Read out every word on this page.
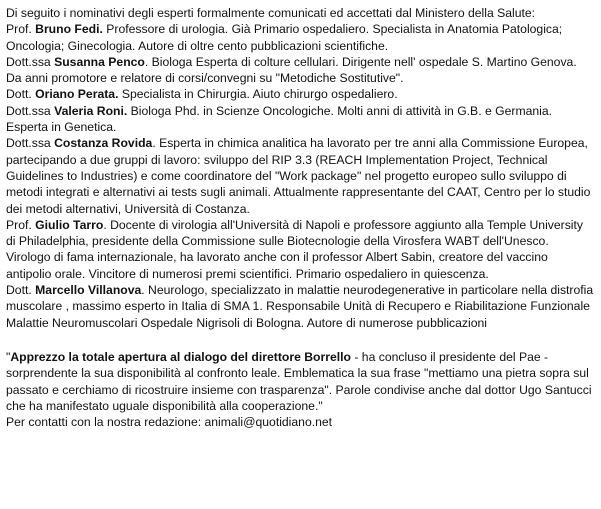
Di seguito i nominativi degli esperti formalmente comunicati ed accettati dal Ministero della Salute:

Prof. Bruno Fedi. Professore di urologia. Già Primario ospedaliero. Specialista in Anatomia Patologica; Oncologia; Ginecologia. Autore di oltre cento pubblicazioni scientifiche.

Dott.ssa Susanna Penco. Biologa Esperta di colture cellulari. Dirigente nell' ospedale S. Martino Genova. Da anni promotore e relatore di corsi/convegni su "Metodiche Sostitutive".

Dott. Oriano Perata. Specialista in Chirurgia. Aiuto chirurgo ospedaliero.

Dott.ssa Valeria Roni. Biologa Phd. in Scienze Oncologiche. Molti anni di attività in G.B. e Germania. Esperta in Genetica.

Dott.ssa Costanza Rovida. Esperta in chimica analitica ha lavorato per tre anni alla Commissione Europea, partecipando a due gruppi di lavoro: sviluppo del RIP 3.3 (REACH Implementation Project, Technical Guidelines to Industries) e come coordinatore del "Work package" nel progetto europeo sullo sviluppo di metodi integrati e alternativi ai tests sugli animali. Attualmente rappresentante del CAAT, Centro per lo studio dei metodi alternativi, Università di Costanza.

Prof. Giulio Tarro. Docente di virologia all'Università di Napoli e professore aggiunto alla Temple University di Philadelphia, presidente della Commissione sulle Biotecnologie della Virosfera WABT dell'Unesco. Virologo di fama internazionale, ha lavorato anche con il professor Albert Sabin, creatore del vaccino antipolio orale. Vincitore di numerosi premi scientifici. Primario ospedaliero in quiescenza.

Dott. Marcello Villanova. Neurologo, specializzato in malattie neurodegenerative in particolare nella distrofia muscolare , massimo esperto in Italia di SMA 1. Responsabile Unità di Recupero e Riabilitazione Funzionale Malattie Neuromuscolari Ospedale Nigrisoli di Bologna. Autore di numerose pubblicazioni

"Apprezzo la totale apertura al dialogo del direttore Borrello - ha concluso il presidente del Pae - sorprendente la sua disponibilità al confronto leale. Emblematica la sua frase "mettiamo una pietra sopra sul passato e cerchiamo di ricostruire insieme con trasparenza". Parole condivise anche dal dottor Ugo Santucci che ha manifestato uguale disponibilità alla cooperazione."

Per contatti con la nostra redazione: animali@quotidiano.net
